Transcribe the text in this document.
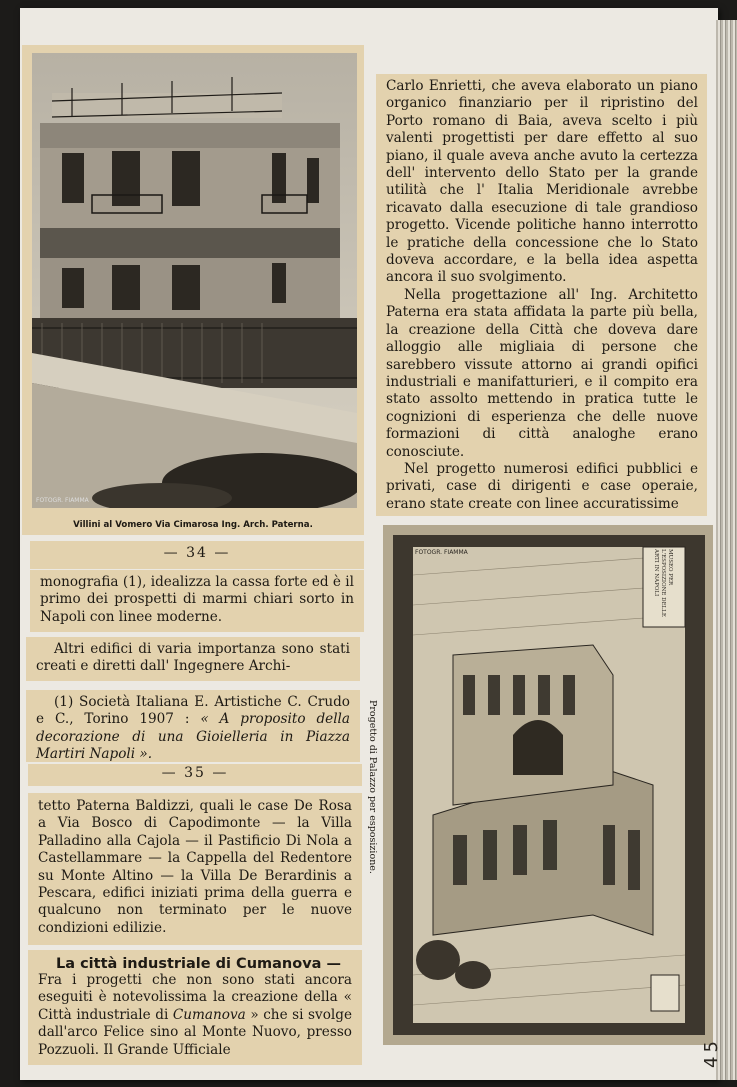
FOTOGR. FIAMMA
Villini al Vomero Via Cimarosa Ing. Arch. Paterna.

Carlo Enrietti, che aveva elaborato un piano organico finanziario per il ripristino del Porto romano di Baia, aveva scelto i più valenti progettisti per dare effetto al suo piano, il quale aveva anche avuto la certezza dell' intervento dello Stato per la grande utilità che l' Italia Meridionale avrebbe ricavato dalla esecuzione di tale grandioso progetto. Vicende politiche hanno interrotto le pratiche della concessione che lo Stato doveva accordare, e la bella idea aspetta ancora il suo svolgimento.

Nella progettazione all' Ing. Architetto Paterna era stata affidata la parte più bella, la creazione della Città che doveva dare alloggio alle migliaia di persone che sarebbero vissute attorno ai grandi opifici industriali e manifatturieri, e il compito era stato assolto mettendo in pratica tutte le cognizioni di esperienza che delle nuove formazioni di città analoghe erano conosciute.

Nel progetto numerosi edifici pubblici e privati, case di dirigenti e case operaie, erano state create con linee accuratissime

— 34 —

monografia (1), idealizza la cassa forte ed è il primo dei prospetti di marmi chiari sorto in Napoli con linee moderne.

Altri edifici di varia importanza sono stati creati e diretti dall' Ingegnere Archi-

(1) Società Italiana E. Artistiche C. Crudo e C., Torino 1907 : « A proposito della decorazione di una Gioielleria in Piazza Martiri Napoli ».

— 35 —

tetto Paterna Baldizzi, quali le case De Rosa a Via Bosco di Capodimonte — la Villa Palladino alla Cajola — il Pastificio Di Nola a Castellammare — la Cappella del Redentore su Monte Altino — la Villa De Berardinis a Pescara, edifici iniziati prima della guerra e qualcuno non terminato per le nuove condizioni edilizie.

La città industriale di Cumanova —

Fra i progetti che non sono stati ancora eseguiti è notevolissima la creazione della « Città industriale di Cumanova » che si svolge dall'arco Felice sino al Monte Nuovo, presso Pozzuoli. Il Grande Ufficiale

Progetto di Palazzo per esposizione.
MUSEO PER L'ESPOSIZIONE DELLE ARTI IN NAPOLI
FOTOGR. FIAMMA
45
